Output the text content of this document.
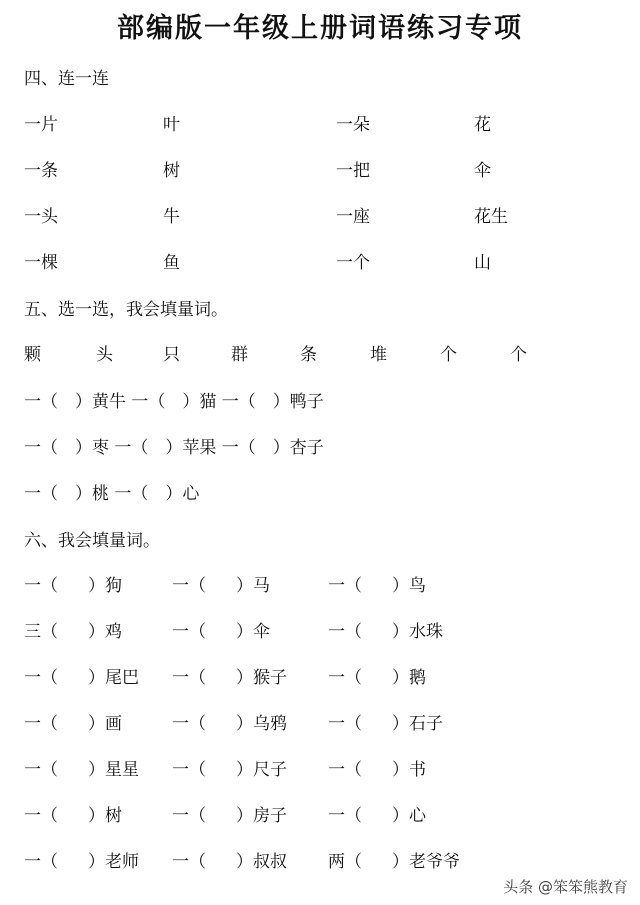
部编版一年级上册词语练习专项
四、连一连
一片	叶	一朵	花
一条	树	一把	伞
一头	牛	一座	花生
一棵	鱼	一个	山
五、选一选，我会填量词。
颗	头	只	群	条	堆	个	个
一（　）黄牛 一（　）猫 一（　）鸭子
一（　）枣 一（　）苹果 一（　）杏子
一（　）桃 一（　）心
六、我会填量词。
一（ ）狗	一（ ）马	一（ ）鸟
三（ ）鸡	一（ ）伞	一（ ）水珠
一（ ）尾巴 一（ ）猴子 一（ ）鹅
一（ ）画	一（ ）乌鸦 一（ ）石子
一（ ）星星 一（ ）尺子 一（ ）书
一（ ）树	一（ ）房子 一（ ）心
一（ ）老师 一（ ）叔叔 两（ ）老爷爷
头条 @笨笨熊教育
